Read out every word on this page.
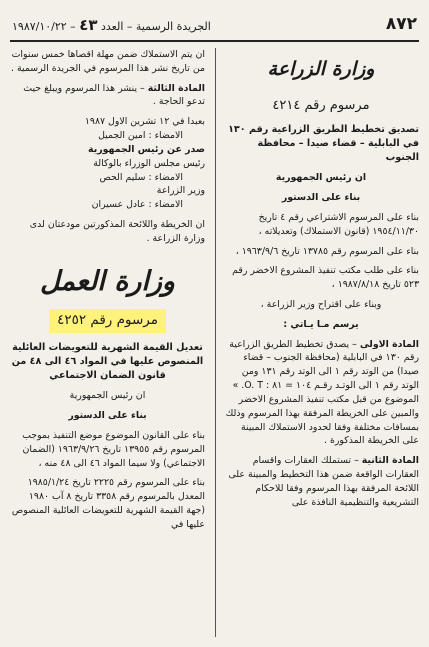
٨٧٢
الجريدة الرسمية – العدد ٤٣ – ١٩٨٧/١٠/٢٢
وزارة الزراعة
مرسوم رقم ٤٢١٤

تصديق تخطيط الطريق الزراعية رقم ١٣٠ في البابلية – قضاء صيدا – محافظة الجنوب

ان رئيس الجمهورية

بناء على الدستور

بناء على المرسوم الاشتراعي رقم ٤ تاريخ ١٩٥٤/١١/٣٠ (قانون الاستملاك) وتعديلاته ،

بناء على المرسوم رقم ١٣٧٨٥ تاريخ ١٩٦٣/٩/٦ ،

بناء على طلب مكتب تنفيذ المشروع الاخضر رقم ٥٢٣ تاريخ ١٩٨٧/٨/١٨ ،

وبناء على اقتراح وزير الزراعة ،

يرسم مـا يـاتي :

المادة الاولى – يصدق تخطيط الطريق الزراعية رقم ١٣٠ في البابلية (محافظة الجنوب – قضاء صيدا) من الوتد رقم ١ الى الوتد رقم ١٣١ ومن الوتد رقم ١ الى الوتـد رقـم ١٠٤ = ٨١ : O. T. » الموضوع من قبل مكتب تنفيذ المشروع الاخضر والمبين على الخريطة المرفقة بهذا المرسوم وذلك بمسافات مختلفة وفقا لحدود الاستملاك المبينة على الخريطة المذكورة .

المادة الثانية – تستملك العقارات واقسام العقارات الواقعة ضمن هذا التخطيط والمبينة على اللائحة المرفقة بهذا المرسوم وفقا للاحكام التشريعية والتنظيمية النافذة على

ان يتم الاستملاك ضمن مهلة اقصاها خمس سنوات من تاريخ نشر هذا المرسوم في الجريدة الرسمية .

المادة الثالثة – ينشر هذا المرسوم ويبلغ حيث تدعو الحاجة .

بعبدا في ١٢ تشرين الاول ١٩٨٧
الامضاء : امين الجميل
صدر عن رئيس الجمهورية
رئيس مجلس الوزراء بالوكالة
الامضاء : سليم الحص
وزير الزراعة
الامضاء : عادل عسيران

ان الخريطة واللائحة المذكورتين مودعتان لدى وزارة الزراعة .

وزارة العمل
مرسوم رقم ٤٢٥٢

تعديل القيمة الشهرية للتعويضات العائلية المنصوص عليها في المواد ٤٦ الى ٤٨ من قانون الضمان الاجتماعي

ان رئيس الجمهورية

بناء على الدستور

بناء على القانون الموضوع موضع التنفيذ بموجب المرسوم رقم ١٣٩٥٥ تاريخ ١٩٦٣/٩/٢٦ (الضمان الاجتماعي) ولا سيما المواد ٤٦ الى ٤٨ منه ،

بناء على المرسوم رقم ٢٢٢٥ تاريخ ١٩٨٥/١/٢٤ المعدل بالمرسوم رقم ٣٣٥٨ تاريخ ٨ آب ١٩٨٠ (جهة القيمة الشهرية للتعويضات العائلية المنصوص عليها في
